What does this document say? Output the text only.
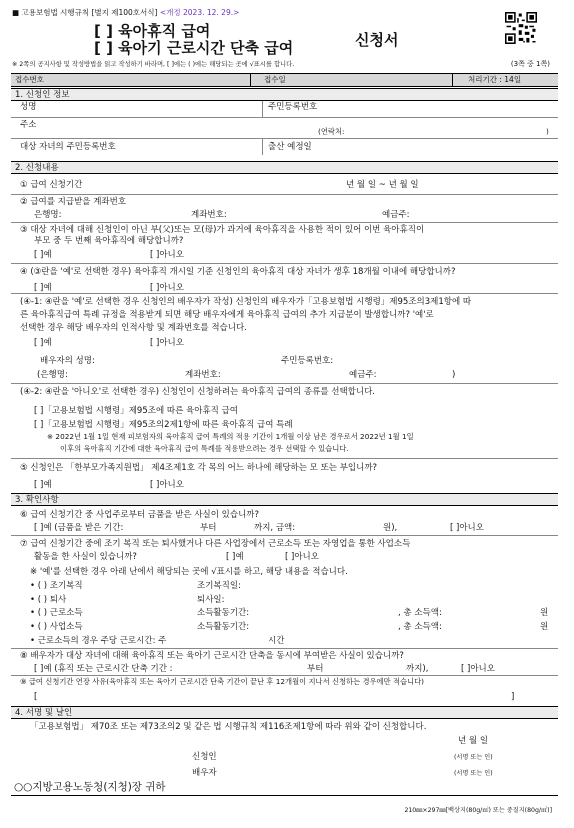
■ 고용보험법 시행규칙 [별지 제100호서식] <개정 2023. 12. 29.>
[ ] 육아휴직 급여
[ ] 육아기 근로시간 단축 급여	신청서
※ 2쪽의 공지사항 및 작성방법을 읽고 작성하기 바라며, [ ]에는 ( )에는 해당되는 곳에 √표시를 합니다.	(3쪽 중 1쪽)
접수번호	접수일	처리기간 : 14일
1. 신청인 정보
성명	주민등록번호
주소
(연락처:	)
대상 자녀의 주민등록번호	출산 예정일
2. 신청내용
① 급여 신청기간	년 월 일 ~ 년 월 일
② 급여를 지급받을 계좌번호
은행명:	계좌번호:	예금주:
③ 대상 자녀에 대해 신청인이 아닌 부(父)또는 모(母)가 과거에 육아휴직을 사용한 적이 있어 이번 육아휴직이
부모 중 두 번째 육아휴직에 해당합니까?
[ ]예	[ ]아니오
④ (③란을 '예'로 선택한 경우) 육아휴직 개시일 기준 신청인의 육아휴직 대상 자녀가 생후 18개월 이내에 해당합니까?
[ ]예	[ ]아니오
(④-1: ④란을 '예'로 선택한 경우 신청인의 배우자가 작성) 신청인의 배우자가「고용보험법 시행령」제95조의3제1항에 따
른 육아휴직급여 특례 규정을 적용받게 되면 해당 배우자에게 육아휴직 급여의 추가 지급분이 발생합니까? '예'로
선택한 경우 해당 배우자의 인적사항 및 계좌번호를 적습니다.
[ ]예	[ ]아니오
배우자의 성명:	주민등록번호:
(은행명:	계좌번호:	예금주:	)
(④-2: ④란을 '아니오'로 선택한 경우) 신청인이 신청하려는 육아휴직 급여의 종류를 선택합니다.
[ ]「고용보험법 시행령」제95조에 따른 육아휴직 급여
[ ]「고용보험법 시행령」제95조의2제1항에 따른 육아휴직 급여 특례
※ 2022년 1월 1일 현재 피보험자의 육아휴직 급여 특례의 적용 기간이 1개월 이상 남은 경우로서 2022년 1월 1일
이후의 육아휴직 기간에 대한 육아휴직 급여 특례를 적용받으려는 경우 선택할 수 있습니다.
⑤ 신청인은 「한부모가족지원법」 제4조제1호 각 목의 어느 하나에 해당하는 모 또는 부입니까?
[ ]예	[ ]아니오
3. 확인사항
⑥ 급여 신청기간 중 사업주로부터 금품을 받은 사실이 있습니까?
[ ]예 (금품을 받은 기간:	부터	까지, 금액:	원),	[ ]아니오
⑦ 급여 신청기간 중에 조기 복직 또는 퇴사했거나 다른 사업장에서 근로소득 또는 자영업을 통한 사업소득
활동을 한 사실이 있습니까?	[ ]예	[ ]아니오
※ '예'를 선택한 경우 아래 난에서 해당되는 곳에 √표시를 하고, 해당 내용을 적습니다.
• ( ) 조기복직	조기복직일:
• ( ) 퇴사	퇴사일:
• ( ) 근로소득	소득활동기간:	, 총 소득액:	원
• ( ) 사업소득	소득활동기간:	, 총 소득액:	원
• 근로소득의 경우 주당 근로시간: 주	시간
⑧ 배우자가 대상 자녀에 대해 육아휴직 또는 육아기 근로시간 단축을 동시에 부여받은 사실이 있습니까?
[ ]예 (휴직 또는 근로시간 단축 기간 :	부터	까지),	[ ]아니오
⑨ 급여 신청기간 연장 사유(육아휴직 또는 육아기 근로시간 단축 기간이 끝난 후 12개월이 지나서 신청하는 경우에만 적습니다)
[	]
4. 서명 및 날인
「고용보험법」 제70조 또는 제73조의2 및 같은 법 시행규칙 제116조제1항에 따라 위와 같이 신청합니다.
년 월 일
신청인	(서명 또는 인)
배우자	(서명 또는 인)
○○지방고용노동청(지청)장 귀하
210㎜×297㎜[백상지(80g/㎡) 또는 중질지(80g/㎡)]
